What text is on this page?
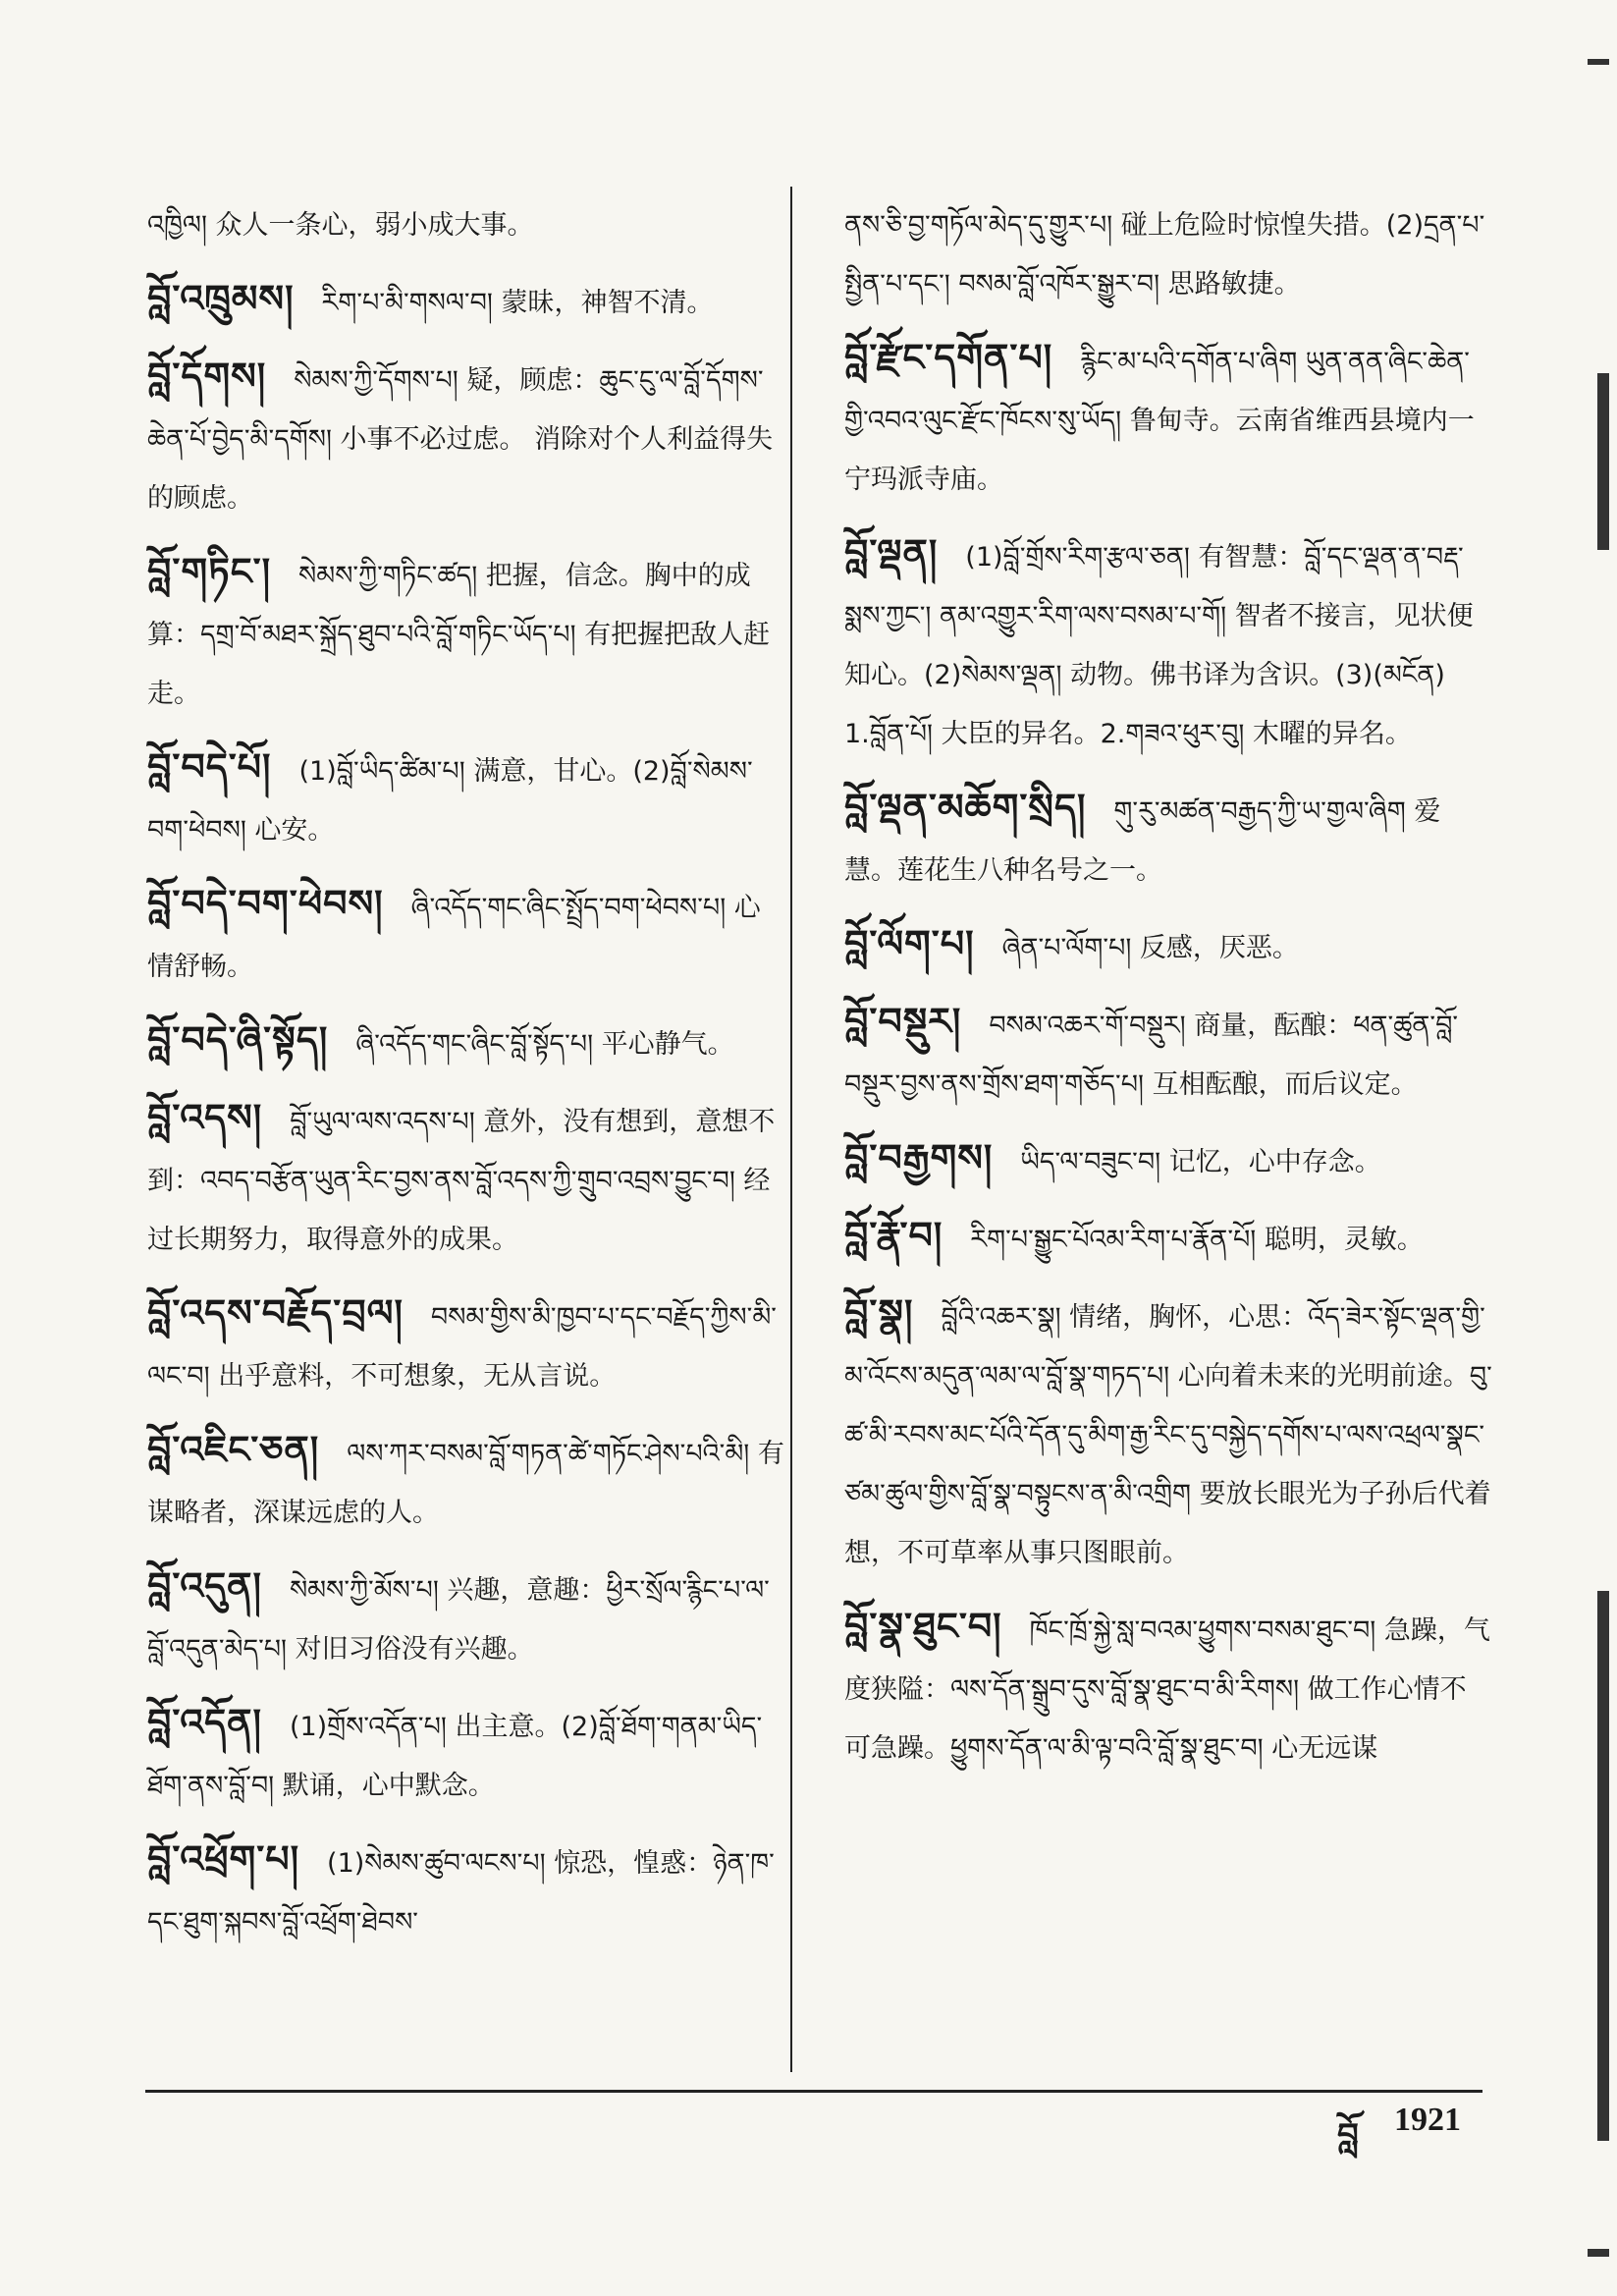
འཁྱིལ། 众人一条心，弱小成大事。
བློ་འཁྲུམས། རིག་པ་མི་གསལ་བ། 蒙昧，神智不清。
བློ་དོགས། སེམས་ཀྱི་དོགས་པ། 疑，顾虑：ཆུང་ངུ་ལ་བློ་དོགས་ཆེན་པོ་བྱེད་མི་དགོས། 小事不必过虑。 消除对个人利益得失的顾虑。
བློ་གཏིང་། སེམས་ཀྱི་གཏིང་ཚད། 把握，信念。胸中的成算：དགྲ་བོ་མཐར་སྐྲོད་ཐུབ་པའི་བློ་གཏིང་ཡོད་པ། 有把握把敌人赶走。
བློ་བདེ་པོ། (1)བློ་ཡིད་ཚིམ་པ། 满意，甘心。(2)བློ་སེམས་བག་ཕེབས། 心安。
བློ་བདེ་བག་ཕེབས། ཞི་འདོད་གང་ཞིང་སྤྲོད་བག་ཕེབས་པ། 心情舒畅。
བློ་བདེ་ཞི་སྟོད། ཞི་འདོད་གང་ཞིང་བློ་སྟོད་པ། 平心静气。
བློ་འདས། བློ་ཡུལ་ལས་འདས་པ། 意外，没有想到，意想不到：འབད་བརྩོན་ཡུན་རིང་བྱས་ནས་བློ་འདས་ཀྱི་གྲུབ་འབྲས་བྱུང་བ། 经过长期努力，取得意外的成果。
བློ་འདས་བརྗོད་བྲལ། བསམ་གྱིས་མི་ཁྱབ་པ་དང་བརྗོད་ཀྱིས་མི་ལང་བ། 出乎意料，不可想象，无从言说。
བློ་འཇིང་ཅན། ལས་ཀར་བསམ་བློ་གཏན་ཚེ་གཏོང་ཤེས་པའི་མི། 有谋略者，深谋远虑的人。
བློ་འདུན། སེམས་ཀྱི་མོས་པ། 兴趣，意趣：ཕྱིར་སྲོལ་རྙིང་པ་ལ་བློ་འདུན་མེད་པ། 对旧习俗没有兴趣。
བློ་འདོན། (1)གྲོས་འདོན་པ། 出主意。(2)བློ་ཐོག་གནམ་ཡིད་ཐོག་ནས་བློ་བ། 默诵，心中默念。
བློ་འཕྲོག་པ། (1)སེམས་ཚུབ་ལངས་པ། 惊恐，惶惑：ཉེན་ཁ་དང་ཐུག་སྐབས་བློ་འཕྲོག་ཐེབས་
ནས་ཅི་བྱ་གཏོལ་མེད་དུ་གྱུར་པ། 碰上危险时惊惶失措。(2)དྲན་པ་སྤྱིན་པ་དང་། བསམ་བློ་འཁོར་སྒྱུར་བ། 思路敏捷。
བློ་རྫོང་དགོན་པ། རྙིང་མ་པའི་དགོན་པ་ཞིག ཡུན་ནན་ཞིང་ཆེན་གྱི་འབའ་ལུང་རྫོང་ཁོངས་སུ་ཡོད། 鲁甸寺。云南省维西县境内一宁玛派寺庙。
བློ་ལྡན། (1)བློ་གྲོས་རིག་རྩལ་ཅན། 有智慧：བློ་དང་ལྡན་ན་བརྡ་སྨས་ཀྱང་། ནམ་འགྱུར་རིག་ལས་བསམ་པ་གོ། 智者不接言，见状便知心。(2)སེམས་ལྡན། 动物。佛书译为含识。(3)(མངོན) 1.བློན་པོ། 大臣的异名。2.གཟའ་ཕུར་བུ། 木曜的异名。
བློ་ལྡན་མཆོག་སྲིད། གུ་རུ་མཚན་བརྒྱད་ཀྱི་ཡ་གྱལ་ཞིག 爱慧。莲花生八种名号之一。
བློ་ལོག་པ། ཞེན་པ་ལོག་པ། 反感，厌恶。
བློ་བསྡུར། བསམ་འཆར་གོ་བསྡུར། 商量，酝酿：ཕན་ཚུན་བློ་བསྡུར་བྱས་ནས་གྲོས་ཐག་གཅོད་པ། 互相酝酿，而后议定。
བློ་བརྒྱགས། ཡིད་ལ་བཟུང་བ། 记忆，心中存念。
བློ་རྣོ་བ། རིག་པ་སྒྱུང་པོའམ་རིག་པ་རྣོན་པོ། 聪明，灵敏。
བློ་སྣ། བློའི་འཆར་སྣ། 情绪，胸怀，心思：འོད་ཟེར་སྟོང་ལྡན་གྱི་མ་འོངས་མདུན་ལམ་ལ་བློ་སྣ་གཏད་པ། 心向着未来的光明前途。བུ་ཚ་མི་རབས་མང་པོའི་དོན་དུ་མིག་རྒྱ་རིང་དུ་བསྐྱེད་དགོས་པ་ལས་འཕྲལ་སྣང་ཙམ་ཚུལ་གྱིས་བློ་སྣ་བསྟུངས་ན་མི་འགྲིག 要放长眼光为子孙后代着想，不可草率从事只图眼前。
བློ་སྣ་ཐུང་བ། ཁོང་ཁྲོ་སྐྱེ་སླ་བའམ་ཕྱུགས་བསམ་ཐུང་བ། 急躁，气度狭隘：ལས་དོན་སྒྲུབ་དུས་བློ་སྣ་ཐུང་བ་མི་རིགས། 做工作心情不可急躁。ཕྱུགས་དོན་ལ་མི་ལྟ་བའི་བློ་སྣ་ཐུང་བ། 心无远谋
བློ 1921
